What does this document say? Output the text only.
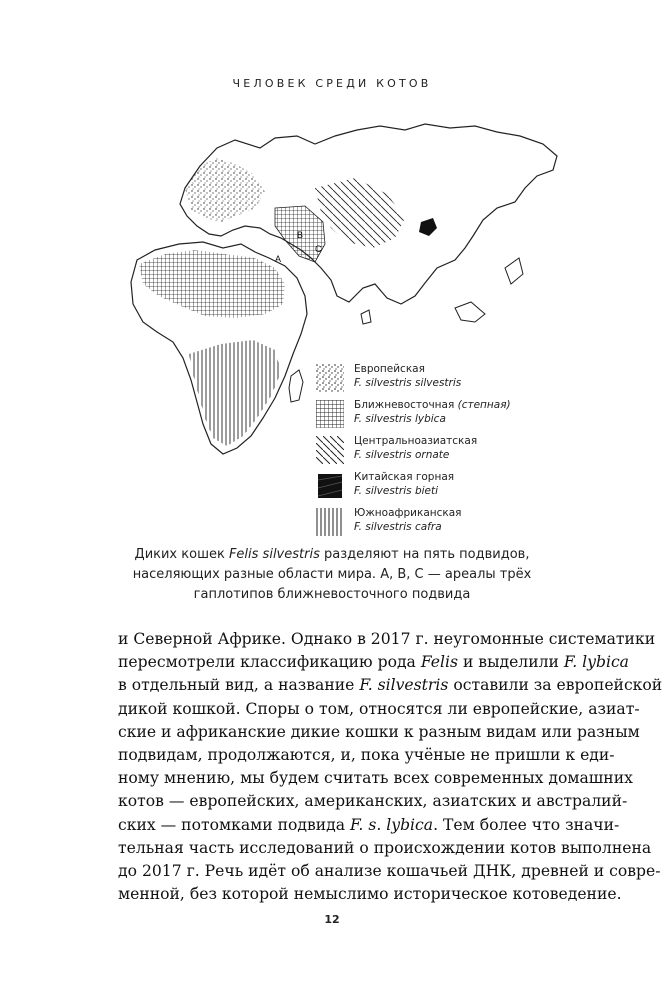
ЧЕЛОВЕК СРЕДИ КОТОВ
A
B
C
Европейская
F. silvestris silvestris
Ближневосточная (степная)
F. silvestris lybica
Центральноазиатская
F. silvestris ornate
Китайская горная
F. silvestris bieti
Южноафриканская
F. silvestris cafra
Диких кошек Felis silvestris разделяют на пять подвидов,
населяющих разные области мира. A, B, C — ареалы трёх
гаплотипов ближневосточного подвида
и Северной Африке. Однако в 2017 г. неугомонные систематики
пересмотрели классификацию рода Felis и выделили F. lybica
в отдельный вид, а название F. silvestris оставили за европейской
дикой кошкой. Споры о том, относятся ли европейские, азиат-
ские и африканские дикие кошки к разным видам или разным
подвидам, продолжаются, и, пока учёные не пришли к еди-
ному мнению, мы будем считать всех современных домашних
котов — европейских, американских, азиатских и австралий-
ских — потомками подвида F. s. lybica. Тем более что значи-
тельная часть исследований о происхождении котов выполнена
до 2017 г. Речь идёт об анализе кошачьей ДНК, древней и совре-
менной, без которой немыслимо историческое котоведение.
12
